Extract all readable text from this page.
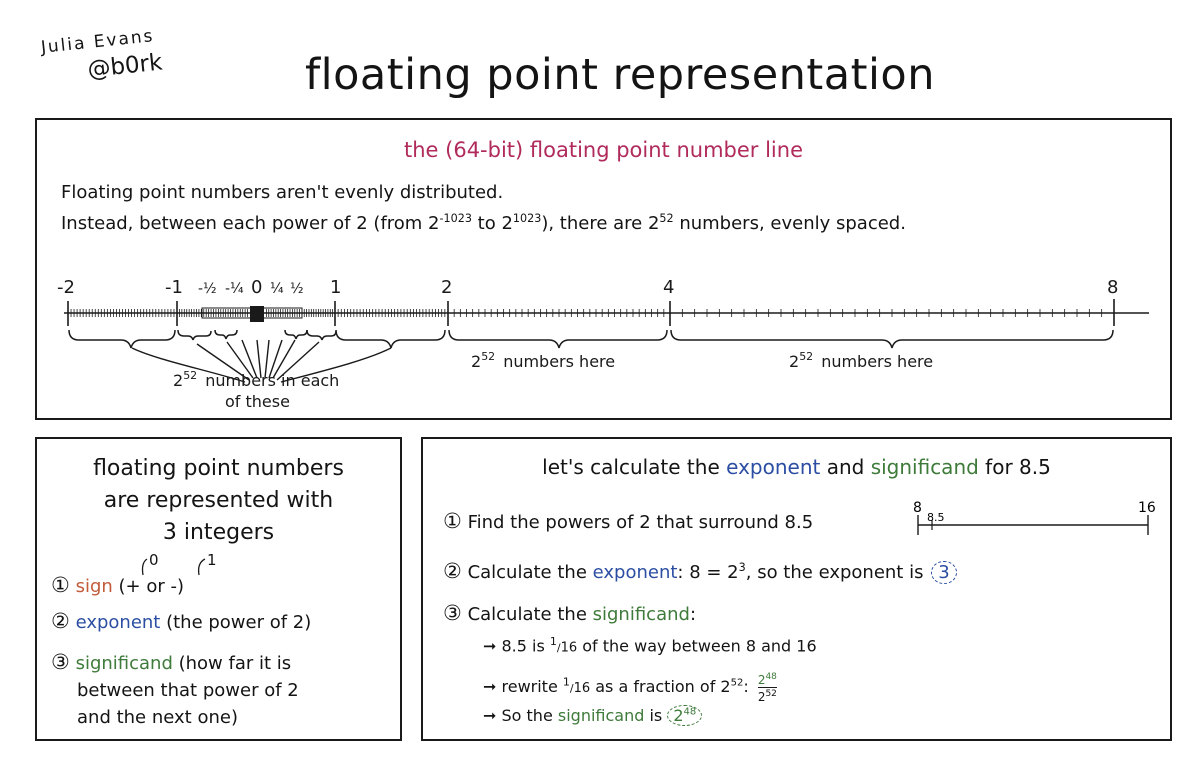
Julia Evans
@b0rk	floating point representation
the (64-bit) floating point number line
Floating point numbers aren't evenly distributed.
Instead, between each power of 2 (from $2^{-1023}$ to $2^{1023}$), there are $2^{52}$ numbers, evenly spaced.
-2	-1 -½ -¼ 0 ¼ ½ 1	2	4	8
$2^{52}$ numbers in each
of these
$2^{52}$ numbers here	$2^{52}$ numbers here
floating point numbers
are represented with
3 integers
0	1
① sign (+ or -)
② exponent (the power of 2)
③ significand (how far it is
between that power of 2
and the next one)
let's calculate the exponent and significand for 8.5
① Find the powers of 2 that surround 8.5
8
8.5
16
② Calculate the exponent: $8 = 2^3$, so the exponent is 3
③ Calculate the significand:
➞ 8.5 is $^1$/16 of the way between 8 and 16
➞ rewrite $^1$/16 as a fraction of $2^{52}$: $\frac{2^{48}}{2^{52}}$
➞ So the significand is $2^{48}$
